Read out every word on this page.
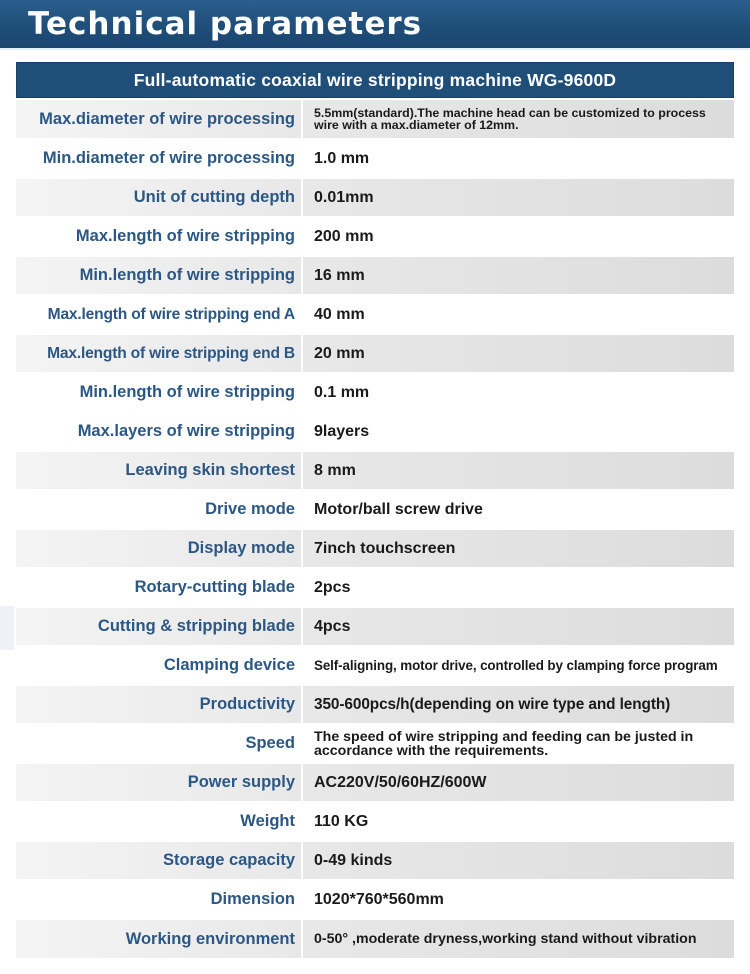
Technical parameters
Full-automatic coaxial wire stripping machine WG-9600D
Max.diameter of wire processing	5.5mm(standard).The machine head can be customized to process wire with a max.diameter of 12mm.
Min.diameter of wire processing	1.0 mm
Unit of cutting depth	0.01mm
Max.length of wire stripping	200 mm
Min.length of wire stripping	16 mm
Max.length of wire stripping end A	40 mm
Max.length of wire stripping end B	20 mm
Min.length of wire stripping	0.1 mm
Max.layers of wire stripping	9layers
Leaving skin shortest	8 mm
Drive mode	Motor/ball screw drive
Display mode	7inch touchscreen
Rotary-cutting blade	2pcs
Cutting & stripping blade	4pcs
Clamping device	Self-aligning, motor drive, controlled by clamping force program
Productivity	350-600pcs/h(depending on wire type and length)
Speed	The speed of wire stripping and feeding can be justed in accordance with the requirements.
Power supply	AC220V/50/60HZ/600W
Weight	110 KG
Storage capacity	0-49 kinds
Dimension	1020*760*560mm
Working environment	0-50° ,moderate dryness,working stand without vibration
